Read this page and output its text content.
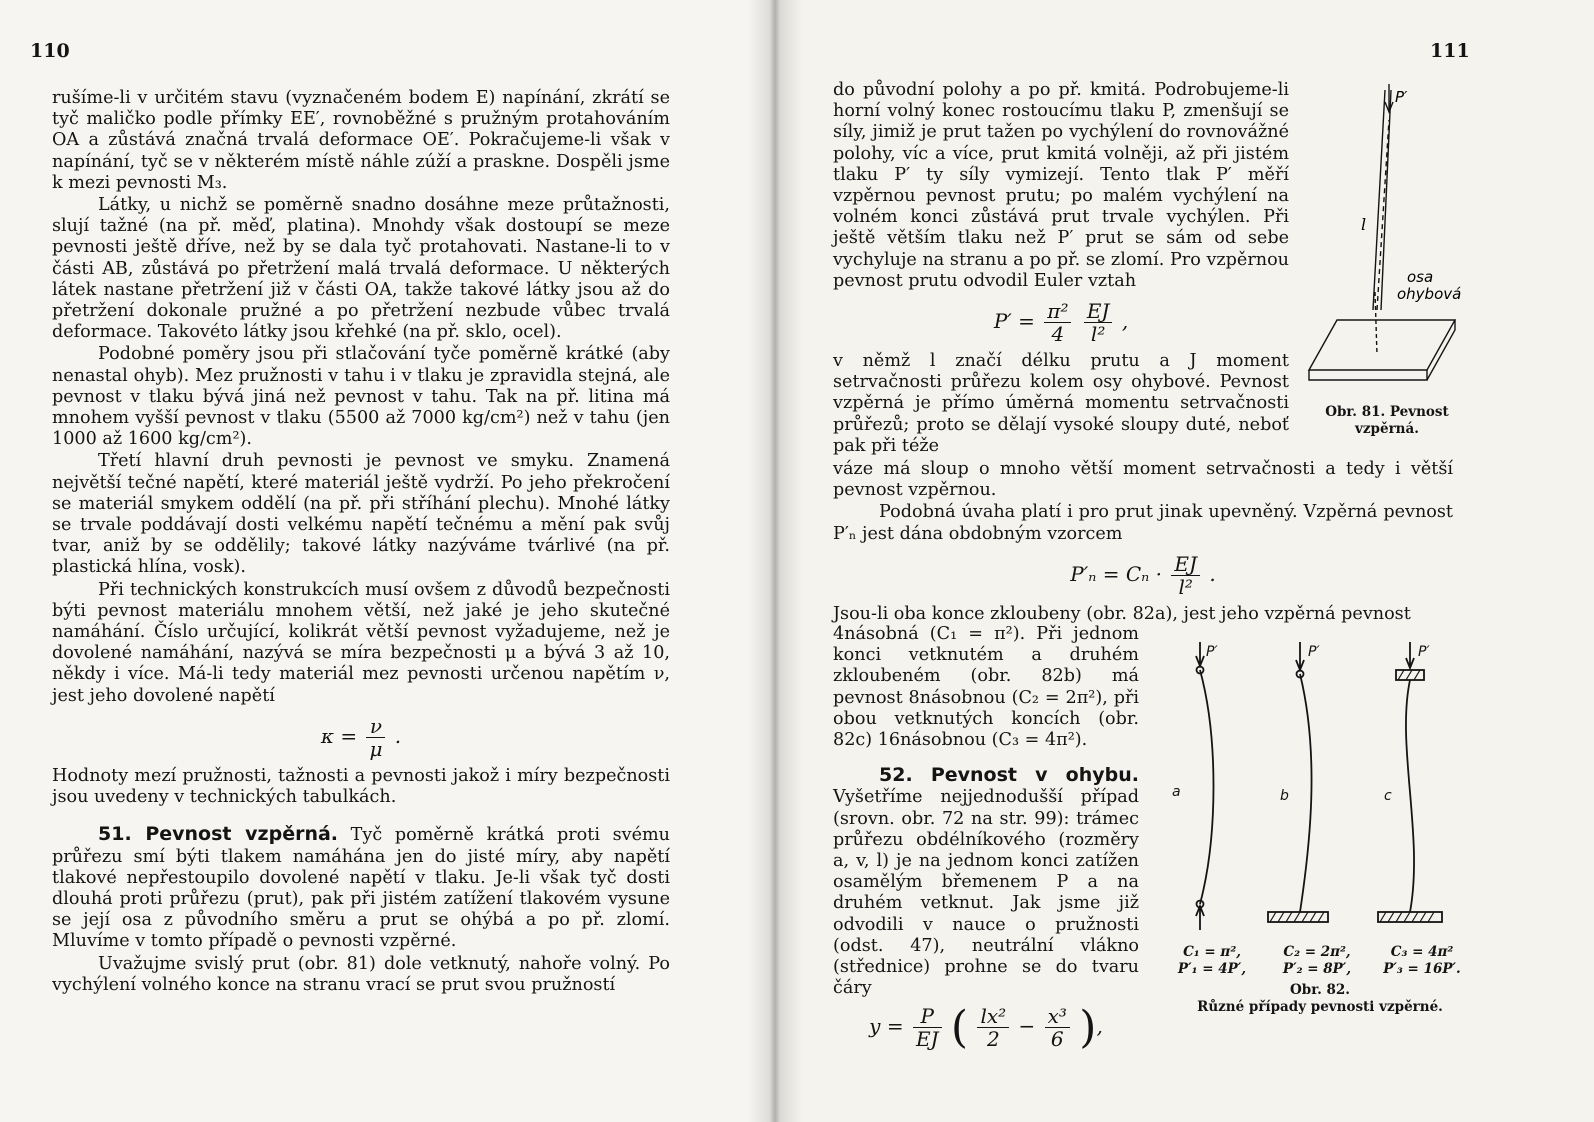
110

rušíme-li v určitém stavu (vyznačeném bodem E) napínání, zkrátí se tyč maličko podle přímky EE′, rovnoběžné s pružným protahováním OA a zůstává značná trvalá deformace OE′. Pokračujeme-li však v napínání, tyč se v některém místě náhle zúží a praskne. Dospěli jsme k mezi pevnosti M₃.

Látky, u nichž se poměrně snadno dosáhne meze průtažnosti, slují tažné (na př. měď, platina). Mnohdy však dostoupí se meze pevnosti ještě dříve, než by se dala tyč protahovati. Nastane-li to v části AB, zůstává po přetržení malá trvalá deformace. U některých látek nastane přetržení již v části OA, takže takové látky jsou až do přetržení dokonale pružné a po přetržení nezbude vůbec trvalá deformace. Takovéto látky jsou křehké (na př. sklo, ocel).

Podobné poměry jsou při stlačování tyče poměrně krátké (aby nenastal ohyb). Mez pružnosti v tahu i v tlaku je zpravidla stejná, ale pevnost v tlaku bývá jiná než pevnost v tahu. Tak na př. litina má mnohem vyšší pevnost v tlaku (5500 až 7000 kg/cm²) než v tahu (jen 1000 až 1600 kg/cm²).

Třetí hlavní druh pevnosti je pevnost ve smyku. Znamená největší tečné napětí, které materiál ještě vydrží. Po jeho překročení se materiál smykem oddělí (na př. při stříhání plechu). Mnohé látky se trvale poddávají dosti velkému napětí tečnému a mění pak svůj tvar, aniž by se oddělily; takové látky nazýváme tvárlivé (na př. plastická hlína, vosk).

Při technických konstrukcích musí ovšem z důvodů bezpečnosti býti pevnost materiálu mnohem větší, než jaké je jeho skutečné namáhání. Číslo určující, kolikrát větší pevnost vyžadujeme, než je dovolené namáhání, nazývá se míra bezpečnosti μ a bývá 3 až 10, někdy i více. Má-li tedy materiál mez pevnosti určenou napětím ν, jest jeho dovolené napětí

$\kappa = \frac{\nu}{\mu}$ .

Hodnoty mezí pružnosti, tažnosti a pevnosti jakož i míry bezpečnosti jsou uvedeny v technických tabulkách.

51. Pevnost vzpěrná. Tyč poměrně krátká proti svému průřezu smí býti tlakem namáhána jen do jisté míry, aby napětí tlakové nepřestoupilo dovolené napětí v tlaku. Je-li však tyč dosti dlouhá proti průřezu (prut), pak při jistém zatížení tlakovém vysune se její osa z původního směru a prut se ohýbá a po př. zlomí. Mluvíme v tomto případě o pevnosti vzpěrné.

Uvažujme svislý prut (obr. 81) dole vetknutý, nahoře volný. Po vychýlení volného konce na stranu vrací se prut svou pružností

111

do původní polohy a po př. kmitá. Podrobujeme-li horní volný konec rostoucímu tlaku P, zmenšují se síly, jimiž je prut tažen po vychýlení do rovnovážné polohy, víc a více, prut kmitá volněji, až při jistém tlaku P′ ty síly vymizejí. Tento tlak P′ měří vzpěrnou pevnost prutu; po malém vychýlení na volném konci zůstává prut trvale vychýlen. Při ještě větším tlaku než P′ prut se sám od sebe vychyluje na stranu a po př. se zlomí. Pro vzpěrnou pevnost prutu odvodil Euler vztah

$P' = \frac{\text{π²}}{4}$
$\frac{EJ}{\text{l²}}$ ,

v němž l značí délku prutu a J moment setrvačnosti průřezu kolem osy ohybové. Pevnost vzpěrná je přímo úměrná momentu setrvačnosti průřezů; proto se dělají vysoké sloupy duté, neboť pak při téže

P′
l
osa
ohybová
Obr. 81. Pevnost
vzpěrná.

váze má sloup o mnoho větší moment setrvačnosti a tedy i větší pevnost vzpěrnou.

Podobná úvaha platí i pro prut jinak upevněný. Vzpěrná pevnost P′ₙ jest dána obdobným vzorcem

$P'_n = C_n \cdot \frac{EJ}{\text{l²}}$ .

Jsou-li oba konce zkloubeny (obr. 82a), jest jeho vzpěrná pevnost

4násobná (C₁ = π²). Při jednom konci vetknutém a druhém zkloubeném (obr. 82b) má pevnost 8násobnou (C₂ = 2π²), při obou vetknutých koncích (obr. 82c) 16násobnou (C₃ = 4π²).

52. Pevnost v ohybu. Vyšetříme nejjednodušší případ (srovn. obr. 72 na str. 99): trámec průřezu obdélníkového (rozměry a, v, l) je na jednom konci zatížen osamělým břemenem P a na druhém vetknut. Jak jsme již odvodili v nauce o pružnosti (odst. 47), neutrální vlákno (střednice) prohne se do tvaru čáry

$y = \frac{P}{EJ}$ ( $\frac{\text{lx²}}{2} - \frac{\text{x³}}{6}$ ),
P′	P′	P′
a	b	c
C₁ = π²,
P′₁ = 4P′,
C₂ = 2π²,
P′₂ = 8P′,
C₃ = 4π²
P′₃ = 16P′.
Obr. 82.
Různé případy pevnosti vzpěrné.
